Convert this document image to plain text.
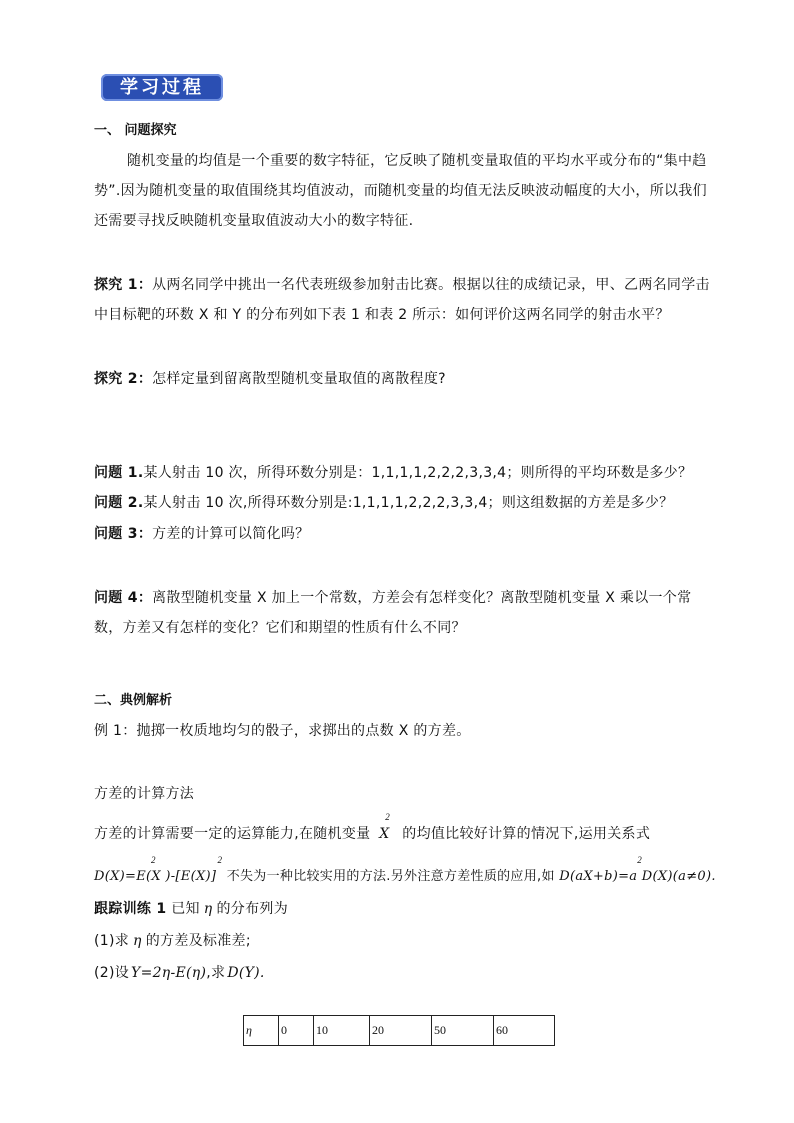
学习过程
一、 问题探究
随机变量的均值是一个重要的数字特征，它反映了随机变量取值的平均水平或分布的“集中趋
势”.因为随机变量的取值围绕其均值波动，而随机变量的均值无法反映波动幅度的大小，所以我们
还需要寻找反映随机变量取值波动大小的数字特征.
探究 1：从两名同学中挑出一名代表班级参加射击比赛。根据以往的成绩记录，甲、乙两名同学击
中目标靶的环数 X 和 Y 的分布列如下表 1 和表 2 所示：如何评价这两名同学的射击水平？
探究 2：怎样定量到留离散型随机变量取值的离散程度?
问题 1.某人射击 10 次，所得环数分别是：1,1,1,1,2,2,2,3,3,4；则所得的平均环数是多少？
问题 2.某人射击 10 次,所得环数分别是:1,1,1,1,2,2,2,3,3,4；则这组数据的方差是多少？
问题 3：方差的计算可以简化吗？
问题 4：离散型随机变量 X 加上一个常数，方差会有怎样变化？离散型随机变量 X 乘以一个常
数，方差又有怎样的变化？它们和期望的性质有什么不同？
二、典例解析
例 1：抛掷一枚质地均匀的骰子，求掷出的点数 X 的方差。
方差的计算方法
方差的计算需要一定的运算能力,在随机变量 X
2
的均值比较好计算的情况下,运用关系式
D(X)=E(X )-[E(X)]
2	2
不失为一种比较实用的方法.另外注意方差性质的应用,如 D(aX+b)=a D(X)(a≠0).
2
跟踪训练 1 已知 η 的分布列为
(1)求 η 的方差及标准差;
(2)设 Y=2η-E(η),求 D(Y).
η	0	10	20	50	60
